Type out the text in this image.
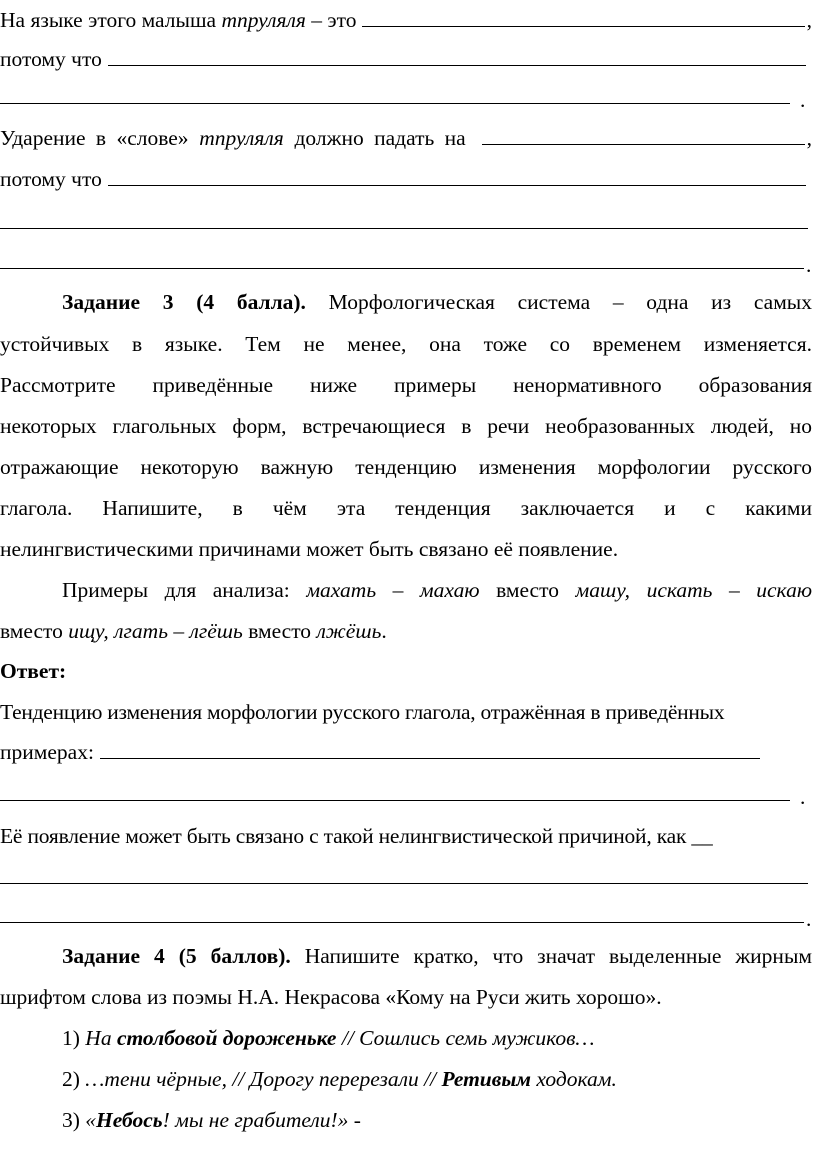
На языке этого малыша
тпруляля
– это	,
потому что
.
Ударение в «слове»
тпруляля
должно падать на	,
потому что
.
Задание 3 (4 балла). Морфологическая система – одна из самых
устойчивых в языке. Тем не менее, она тоже со временем изменяется.
Рассмотрите приведённые ниже примеры ненормативного образования
некоторых глагольных форм, встречающиеся в речи необразованных людей, но
отражающие некоторую важную тенденцию изменения морфологии русского
глагола. Напишите, в чём эта тенденция заключается и с какими
нелингвистическими причинами может быть связано её появление.
Примеры для анализа: махать – махаю вместо машу, искать – искаю
вместо ищу, лгать – лгёшь вместо лжёшь.
Ответ:
Тенденцию изменения морфологии русского глагола, отражённая в приведённых
примерах:
.
Её появление может быть связано с такой нелингвистической причиной, как __
.
Задание 4 (5 баллов). Напишите кратко, что значат выделенные жирным
шрифтом слова из поэмы Н.А. Некрасова «Кому на Руси жить хорошо».
1) На столбовой дороженьке // Сошлись семь мужиков…
2) …тени чёрные, // Дорогу перерезали // Ретивым ходокам.
3) «Небось! мы не грабители!» -
